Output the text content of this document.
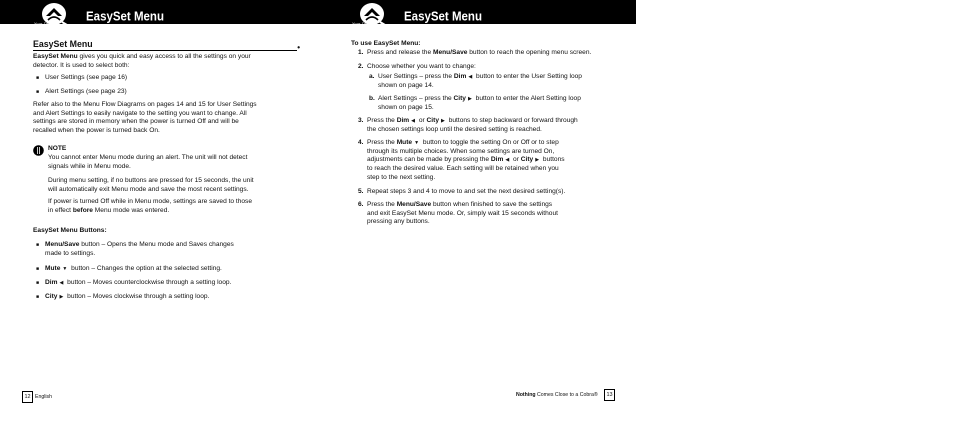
Your Detector EasySet Menu
EasySet Menu	•
EasySet Menu gives you quick and easy access to all the settings on your
detector. It is used to select both:
■ User Settings (see page 16)
■ Alert Settings (see page 23)
Refer also to the Menu Flow Diagrams on pages 14 and 15 for User Settings
and Alert Settings to easily navigate to the setting you want to change. All
settings are stored in memory when the power is turned Off and will be
recalled when the power is turned back On.
NOTE
You cannot enter Menu mode during an alert. The unit will not detect
signals while in Menu mode.
During menu setting, if no buttons are pressed for 15 seconds, the unit
will automatically exit Menu mode and save the most recent settings.
If power is turned Off while in Menu mode, settings are saved to those
in effect before Menu mode was entered.
EasySet Menu Buttons:
■ Menu/Save button – Opens the Menu mode and Saves changes
made to settings.
■ Mute▼ button – Changes the option at the selected setting.
■ Dim◀ button – Moves counterclockwise through a setting loop.
■ City▶ button – Moves clockwise through a setting loop.
12 English
Your Detector EasySet Menu
To use EasySet Menu:
1. Press and release the Menu/Save button to reach the opening menu screen.
2. Choose whether you want to change:
a. User Settings – press the Dim◀ button to enter the User Setting loop
shown on page 14.
b. Alert Settings – press the City▶ button to enter the Alert Setting loop
shown on page 15.
3. Press the Dim◀ or City▶ buttons to step backward or forward through
the chosen settings loop until the desired setting is reached.
4. Press the Mute▼ button to toggle the setting On or Off or to step
through its multiple choices. When some settings are turned On,
adjustments can be made by pressing the Dim◀ or City▶ buttons
to reach the desired value. Each setting will be retained when you
step to the next setting.
5. Repeat steps 3 and 4 to move to and set the next desired setting(s).
6. Press the Menu/Save button when finished to save the settings
and exit EasySet Menu mode. Or, simply wait 15 seconds without
pressing any buttons.
Nothing Comes Close to a Cobra®	13
